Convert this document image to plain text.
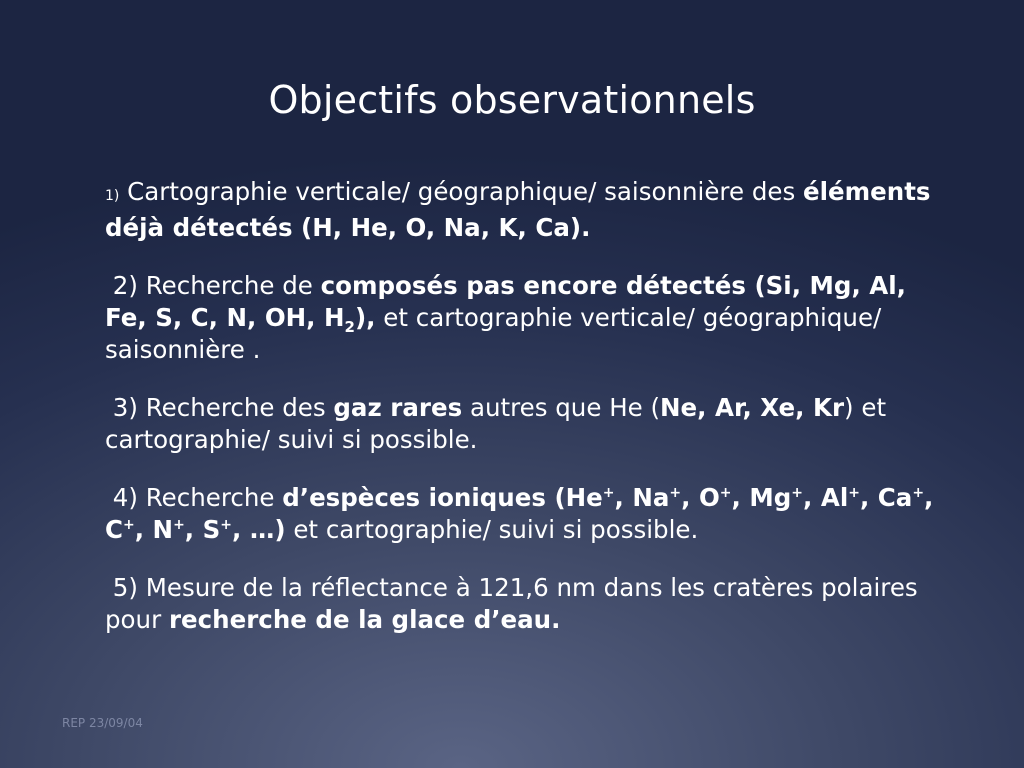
Objectifs observationnels

1) Cartographie verticale/ géographique/ saisonnière des éléments déjà détectés (H, He, O, Na, K, Ca).

2) Recherche de composés pas encore détectés (Si, Mg, Al, Fe, S, C, N, OH, $H_2$), et cartographie verticale/ géographique/ saisonnière .

3) Recherche des gaz rares autres que He (Ne, Ar, Xe, Kr) et cartographie/ suivi si possible.

4) Recherche d’espèces ioniques (He+, Na+, O+, Mg+, Al+, Ca+, C+, N+, S+, …) et cartographie/ suivi si possible.

5) Mesure de la réflectance à 121,6 nm dans les cratères polaires pour recherche de la glace d’eau.

REP 23/09/04
